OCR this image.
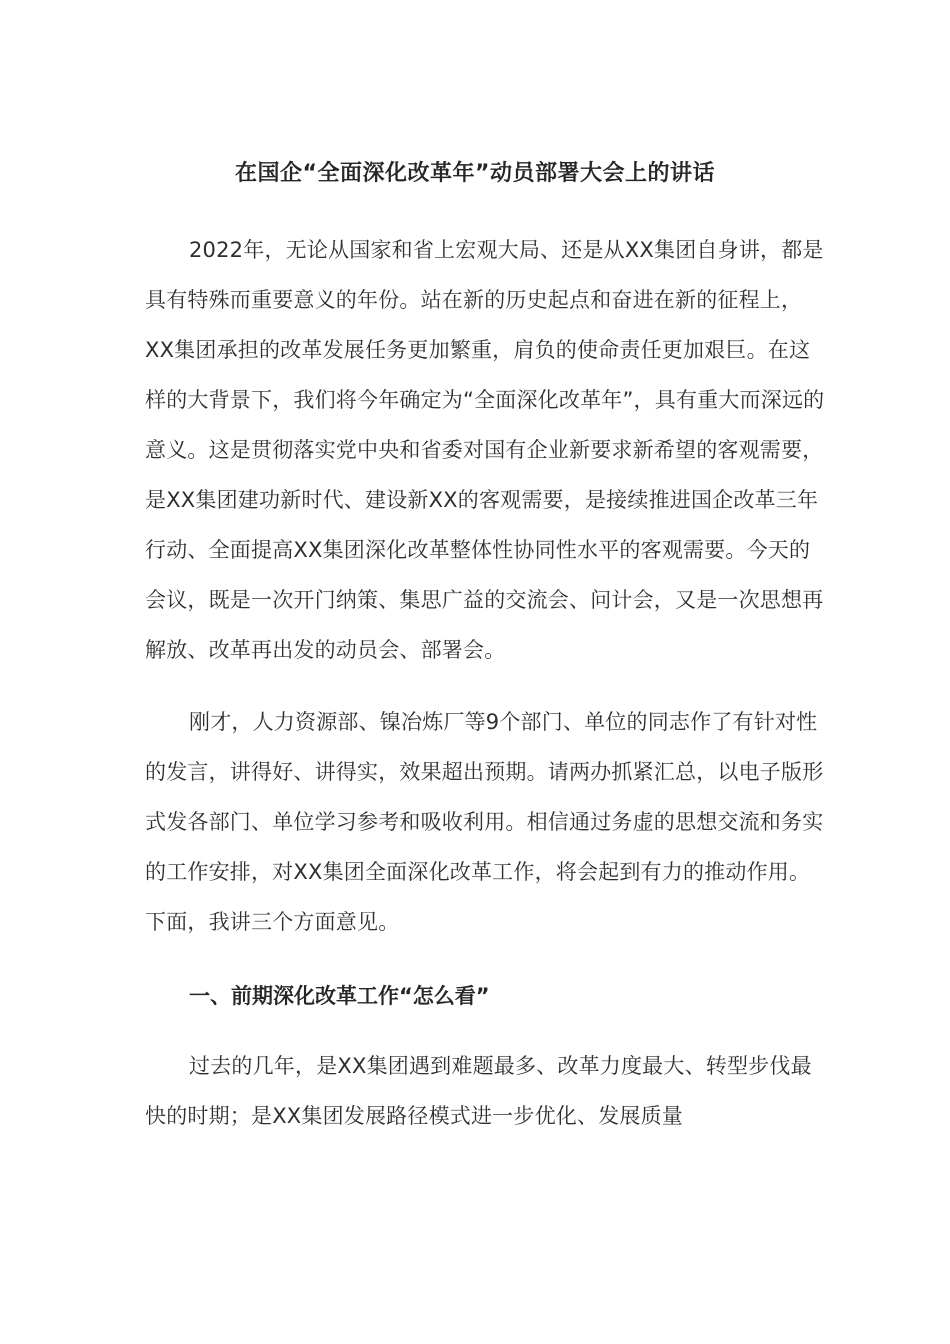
在国企“全面深化改革年”动员部署大会上的讲话

2022年，无论从国家和省上宏观大局、还是从XX集团自身讲，都是具有特殊而重要意义的年份。站在新的历史起点和奋进在新的征程上，XX集团承担的改革发展任务更加繁重，肩负的使命责任更加艰巨。在这样的大背景下，我们将今年确定为“全面深化改革年”，具有重大而深远的意义。这是贯彻落实党中央和省委对国有企业新要求新希望的客观需要，是XX集团建功新时代、建设新XX的客观需要，是接续推进国企改革三年行动、全面提高XX集团深化改革整体性协同性水平的客观需要。今天的会议，既是一次开门纳策、集思广益的交流会、问计会，又是一次思想再解放、改革再出发的动员会、部署会。

刚才，人力资源部、镍冶炼厂等9个部门、单位的同志作了有针对性的发言，讲得好、讲得实，效果超出预期。请两办抓紧汇总，以电子版形式发各部门、单位学习参考和吸收利用。相信通过务虚的思想交流和务实的工作安排，对XX集团全面深化改革工作，将会起到有力的推动作用。下面，我讲三个方面意见。

一、前期深化改革工作“怎么看”

过去的几年，是XX集团遇到难题最多、改革力度最大、转型步伐最快的时期；是XX集团发展路径模式进一步优化、发展质量
